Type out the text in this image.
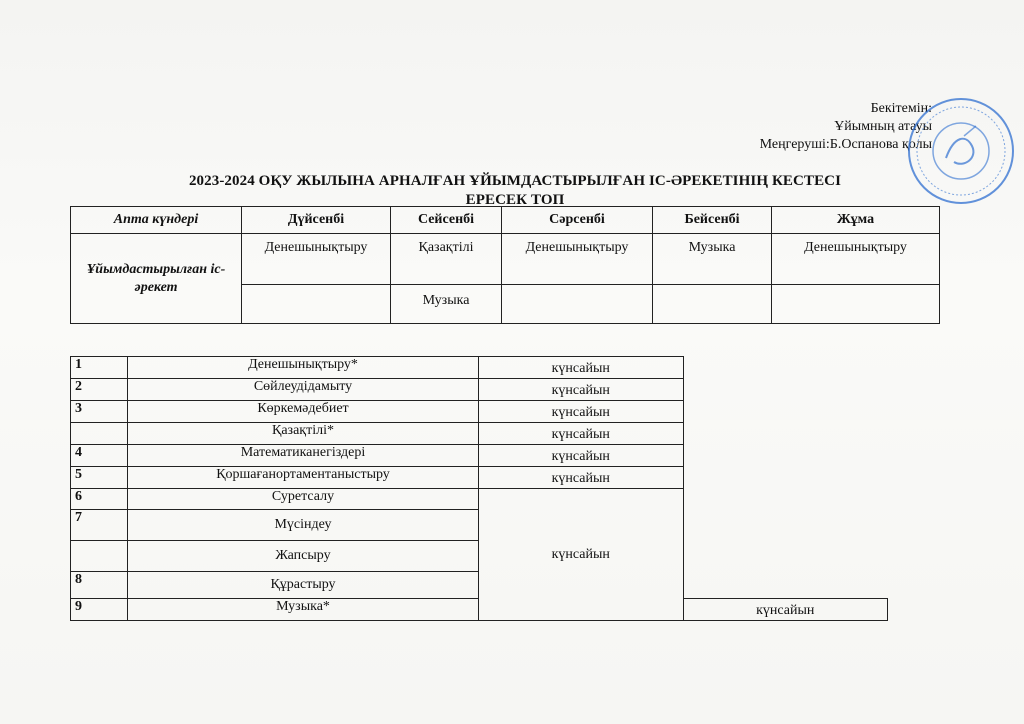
Бекітемін:
Ұйымның атауы
Меңгеруші:Б.Оспанова қолы
2023-2024 ОҚУ ЖЫЛЫНА АРНАЛҒАН ҰЙЫМДАСТЫРЫЛҒАН ІС-ӘРЕКЕТІНІҢ КЕСТЕСІ
ЕРЕСЕК ТОП
Апта күндері	Дүйсенбі	Сейсенбі	Сәрсенбі	Бейсенбі	Жұма
Ұйымдастырылған іс-әрекет	Денешынықтыру	Қазақтілі	Денешынықтыру	Музыка	Денешынықтыру
		Музыка			
1	Денешынықтыру*	күнсайын	
2	Сөйлеудідамыту	күнсайын	
3	Көркемәдебиет	күнсайын	
	Қазақтілі*	күнсайын	
4	Математиканегіздері	күнсайын	
5	Қоршағанортаментаныстыру	күнсайын	
6	Суретсалу	күнсайын	
7	Мүсіндеу		
	Жапсыру		
8	Құрастыру		
9	Музыка*		күнсайын
